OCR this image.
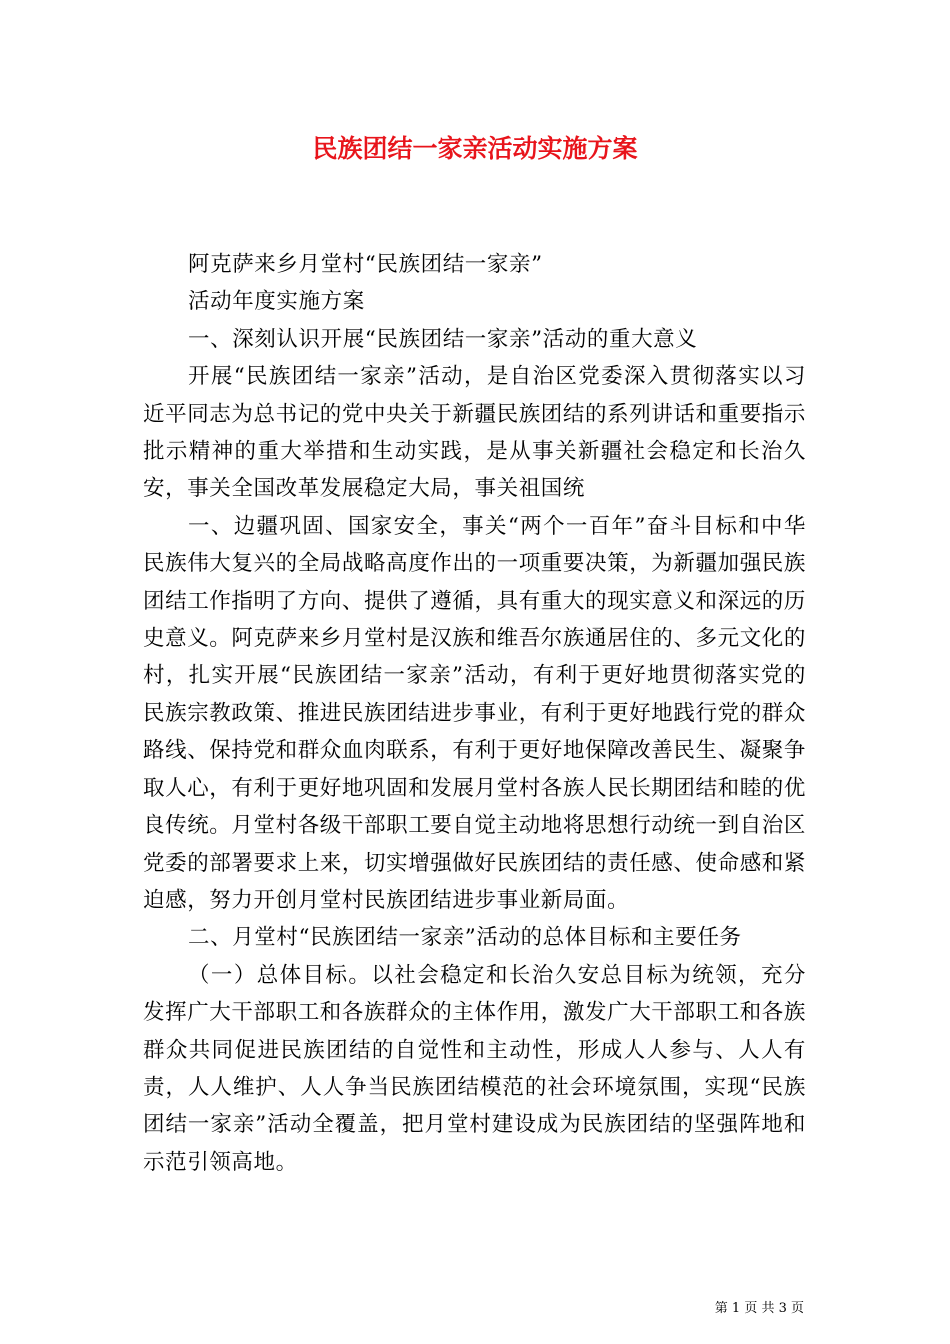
民族团结一家亲活动实施方案

阿克萨来乡月堂村“民族团结一家亲”

活动年度实施方案

一、深刻认识开展“民族团结一家亲”活动的重大意义

开展“民族团结一家亲”活动，是自治区党委深入贯彻落实以习近平同志为总书记的党中央关于新疆民族团结的系列讲话和重要指示批示精神的重大举措和生动实践，是从事关新疆社会稳定和长治久安，事关全国改革发展稳定大局，事关祖国统

一、边疆巩固、国家安全，事关“两个一百年”奋斗目标和中华民族伟大复兴的全局战略高度作出的一项重要决策，为新疆加强民族团结工作指明了方向、提供了遵循，具有重大的现实意义和深远的历史意义。阿克萨来乡月堂村是汉族和维吾尔族通居住的、多元文化的村，扎实开展“民族团结一家亲”活动，有利于更好地贯彻落实党的民族宗教政策、推进民族团结进步事业，有利于更好地践行党的群众路线、保持党和群众血肉联系，有利于更好地保障改善民生、凝聚争取人心，有利于更好地巩固和发展月堂村各族人民长期团结和睦的优良传统。月堂村各级干部职工要自觉主动地将思想行动统一到自治区党委的部署要求上来，切实增强做好民族团结的责任感、使命感和紧迫感，努力开创月堂村民族团结进步事业新局面。

二、月堂村“民族团结一家亲”活动的总体目标和主要任务

（一）总体目标。以社会稳定和长治久安总目标为统领，充分发挥广大干部职工和各族群众的主体作用，激发广大干部职工和各族群众共同促进民族团结的自觉性和主动性，形成人人参与、人人有责，人人维护、人人争当民族团结模范的社会环境氛围，实现“民族团结一家亲”活动全覆盖，把月堂村建设成为民族团结的坚强阵地和示范引领高地。

第 1 页 共 3 页
